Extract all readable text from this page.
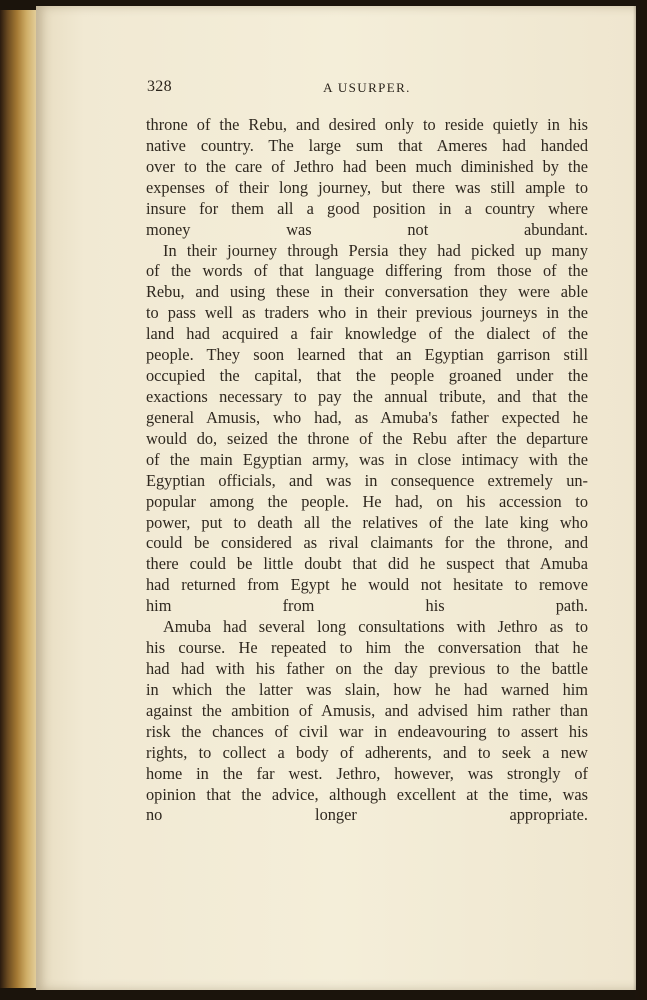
328	A USURPER.

throne of the Rebu, and desired only to reside quietly in his
native country. The large sum that Ameres had handed
over to the care of Jethro had been much diminished by the
expenses of their long journey, but there was still ample to
insure for them all a good position in a country where
money was not abundant.

In their journey through Persia they had picked up many
of the words of that language differing from those of the
Rebu, and using these in their conversation they were able
to pass well as traders who in their previous journeys in the
land had acquired a fair knowledge of the dialect of the
people. They soon learned that an Egyptian garrison still
occupied the capital, that the people groaned under the
exactions necessary to pay the annual tribute, and that the
general Amusis, who had, as Amuba's father expected he
would do, seized the throne of the Rebu after the departure
of the main Egyptian army, was in close intimacy with the
Egyptian officials, and was in consequence extremely un-
popular among the people. He had, on his accession to
power, put to death all the relatives of the late king who
could be considered as rival claimants for the throne, and
there could be little doubt that did he suspect that Amuba
had returned from Egypt he would not hesitate to remove
him from his path.

Amuba had several long consultations with Jethro as to
his course. He repeated to him the conversation that he
had had with his father on the day previous to the battle
in which the latter was slain, how he had warned him
against the ambition of Amusis, and advised him rather than
risk the chances of civil war in endeavouring to assert his
rights, to collect a body of adherents, and to seek a new
home in the far west. Jethro, however, was strongly of
opinion that the advice, although excellent at the time, was
no longer appropriate.
